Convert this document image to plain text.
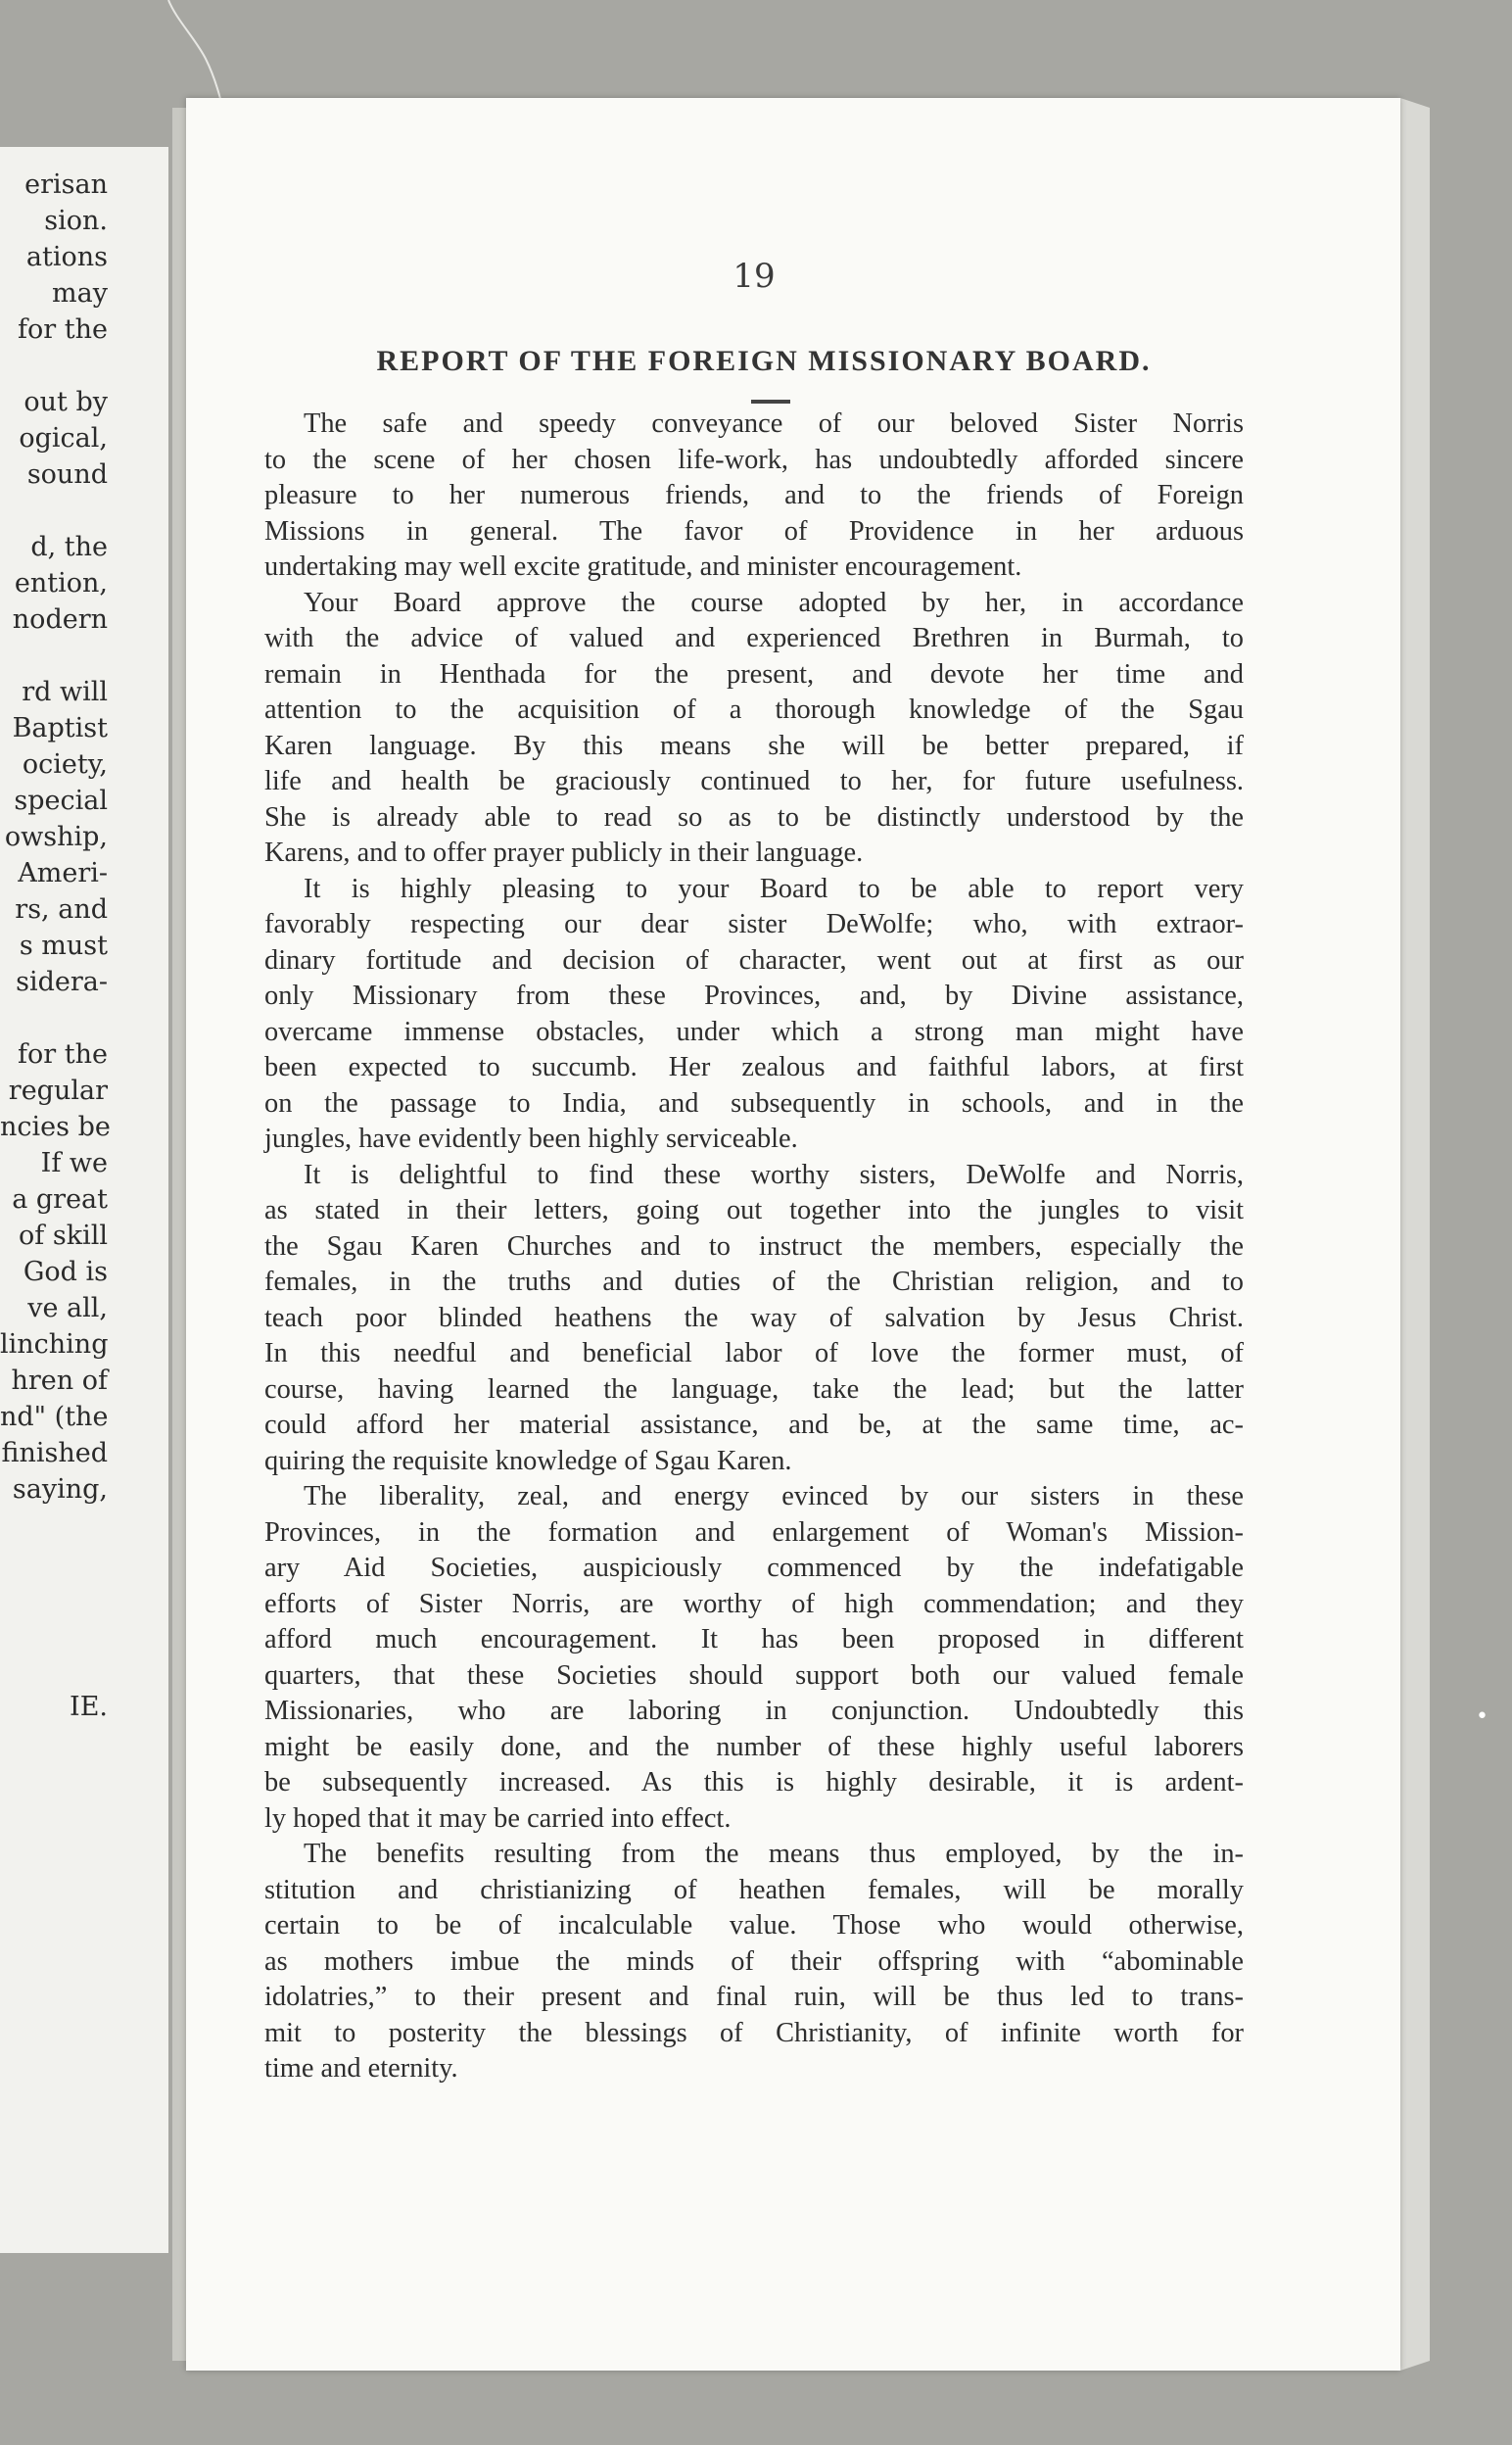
erisan
sion.
ations
may
for the

out by
ogical,
sound

d, the
ention,
nodern

rd will
Baptist
ociety,
special
owship,
Ameri-
rs, and
s must
sidera-

for the
regular
ncies be
If we
a great
of skill
God is
ve all,
linching
hren of
nd" (the
finished
saying,

IE.
19
REPORT OF THE FOREIGN MISSIONARY BOARD.
The safe and speedy conveyance of our beloved Sister Norris
to the scene of her chosen life-work, has undoubtedly afforded sincere
pleasure to her numerous friends, and to the friends of Foreign
Missions in general. The favor of Providence in her arduous
undertaking may well excite gratitude, and minister encouragement.
Your Board approve the course adopted by her, in accordance
with the advice of valued and experienced Brethren in Burmah, to
remain in Henthada for the present, and devote her time and
attention to the acquisition of a thorough knowledge of the Sgau
Karen language. By this means she will be better prepared, if
life and health be graciously continued to her, for future usefulness.
She is already able to read so as to be distinctly understood by the
Karens, and to offer prayer publicly in their language.
It is highly pleasing to your Board to be able to report very
favorably respecting our dear sister DeWolfe; who, with extraor-
dinary fortitude and decision of character, went out at first as our
only Missionary from these Provinces, and, by Divine assistance,
overcame immense obstacles, under which a strong man might have
been expected to succumb. Her zealous and faithful labors, at first
on the passage to India, and subsequently in schools, and in the
jungles, have evidently been highly serviceable.
It is delightful to find these worthy sisters, DeWolfe and Norris,
as stated in their letters, going out together into the jungles to visit
the Sgau Karen Churches and to instruct the members, especially the
females, in the truths and duties of the Christian religion, and to
teach poor blinded heathens the way of salvation by Jesus Christ.
In this needful and beneficial labor of love the former must, of
course, having learned the language, take the lead; but the latter
could afford her material assistance, and be, at the same time, ac-
quiring the requisite knowledge of Sgau Karen.
The liberality, zeal, and energy evinced by our sisters in these
Provinces, in the formation and enlargement of Woman's Mission-
ary Aid Societies, auspiciously commenced by the indefatigable
efforts of Sister Norris, are worthy of high commendation; and they
afford much encouragement. It has been proposed in different
quarters, that these Societies should support both our valued female
Missionaries, who are laboring in conjunction. Undoubtedly this
might be easily done, and the number of these highly useful laborers
be subsequently increased. As this is highly desirable, it is ardent-
ly hoped that it may be carried into effect.
The benefits resulting from the means thus employed, by the in-
stitution and christianizing of heathen females, will be morally
certain to be of incalculable value. Those who would otherwise,
as mothers imbue the minds of their offspring with “abominable
idolatries,” to their present and final ruin, will be thus led to trans-
mit to posterity the blessings of Christianity, of infinite worth for
time and eternity.
•
